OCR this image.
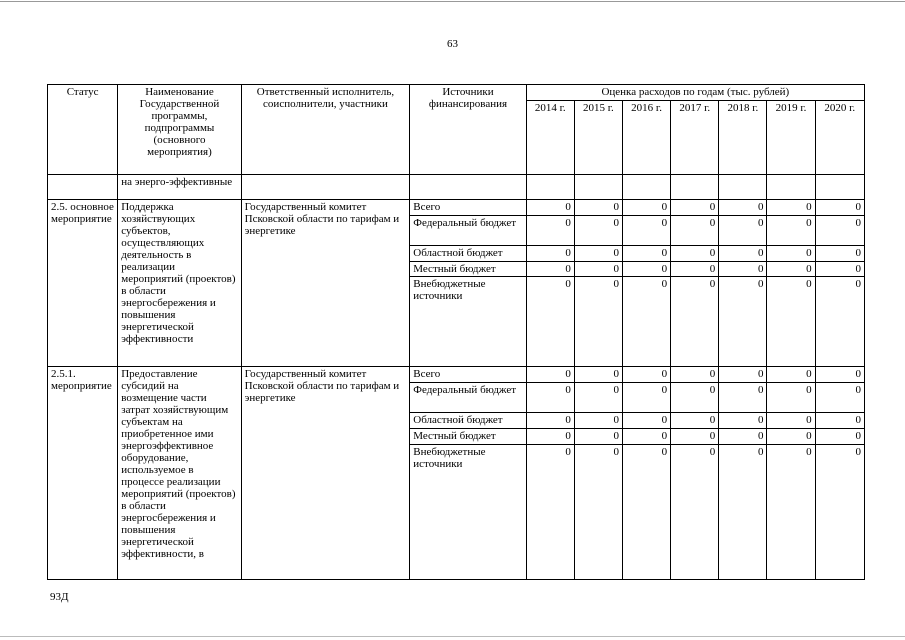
63
Статус	Наименование Государственной программы, подпрограммы (основного мероприятия)	Ответственный исполнитель, соисполнители, участники	Источники финансирования	Оценка расходов по годам (тыс. рублей)						
				2014 г.	2015 г.	2016 г.	2017 г.	2018 г.	2019 г.	2020 г.
	на энерго-эффективные									
2.5. основное мероприятие	Поддержка хозяйствующих субъектов, осуществляющих деятельность в реализации мероприятий (проектов) в области энергосбережения и повышения энергетической эффективности	Государственный комитет Псковской области по тарифам и энергетике	Всего	0	0	0	0	0	0	0
			Федеральный бюджет	0	0	0	0	0	0	0
			Областной бюджет	0	0	0	0	0	0	0
			Местный бюджет	0	0	0	0	0	0	0
			Внебюджетные источники	0	0	0	0	0	0	0
2.5.1. мероприятие	Предоставление субсидий на возмещение части затрат хозяйствующим субъектам на приобретенное ими энергоэффективное оборудование, используемое в процессе реализации мероприятий (проектов) в области энергосбережения и повышения энергетической эффективности, в	Государственный комитет Псковской области по тарифам и энергетике	Всего	0	0	0	0	0	0	0
			Федеральный бюджет	0	0	0	0	0	0	0
			Областной бюджет	0	0	0	0	0	0	0
			Местный бюджет	0	0	0	0	0	0	0
			Внебюджетные источники	0	0	0	0	0	0	0
93Д
